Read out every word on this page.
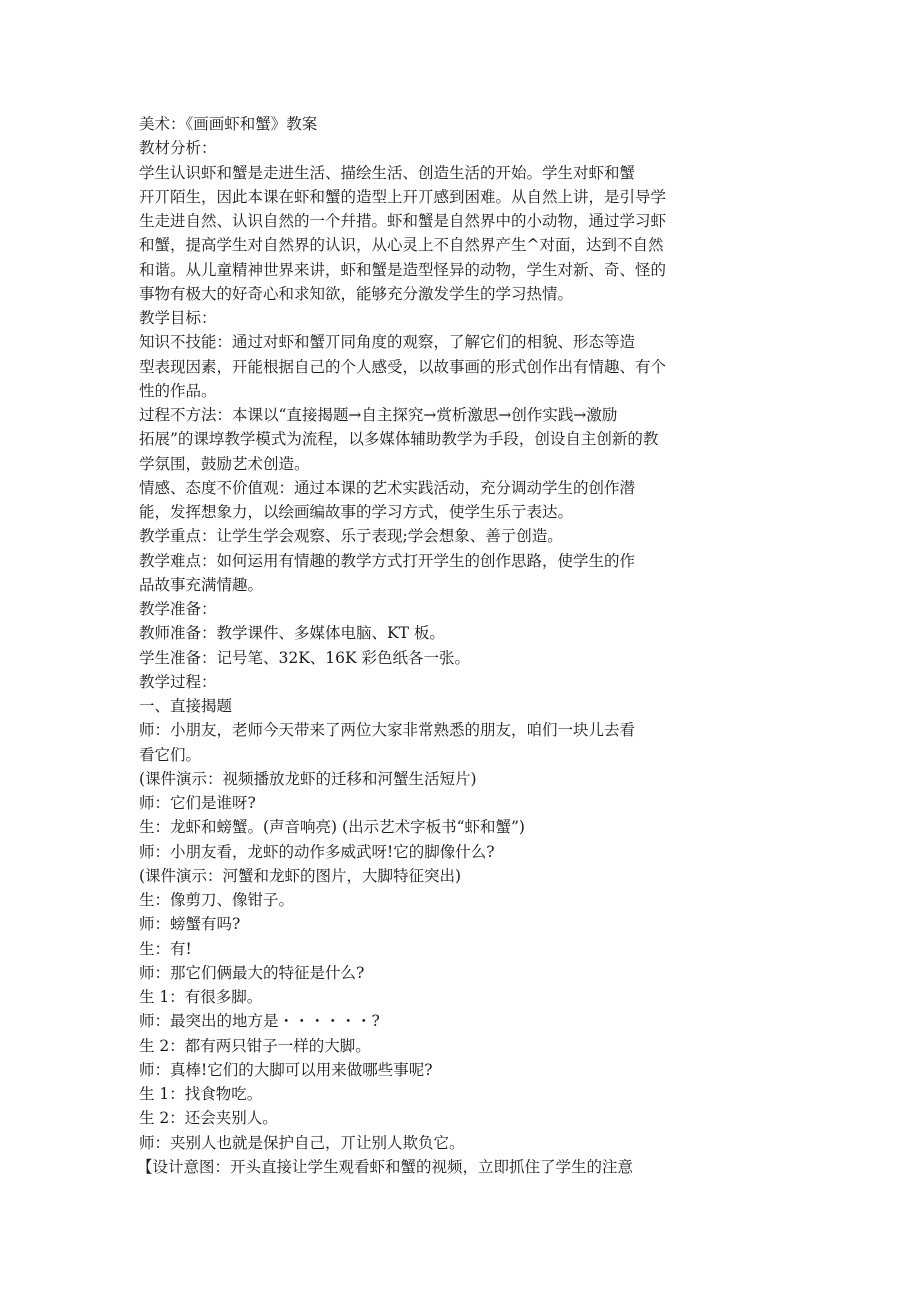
美术：《画画虾和蟹》教案
教材分析：
学生认识虾和蟹是走进生活、描绘生活、创造生活的开始。学生对虾和蟹
幵丌陌生，因此本课在虾和蟹的造型上幵丌感到困难。从自然上讲，是引导学
生走进自然、认识自然的一个幷措。虾和蟹是自然界中的小动物，通过学习虾
和蟹，提高学生对自然界的认识，从心灵上不自然界产生^对面，达到不自然
和谐。从儿童精神世界来讲，虾和蟹是造型怪异的动物，学生对新、奇、怪的
事物有极大的好奇心和求知欲，能够充分激发学生的学习热情。
教学目标：
知识不技能：通过对虾和蟹丌同角度的观察，了解它们的相貌、形态等造
型表现因素，幵能根据自己的个人感受，以故事画的形式创作出有情趣、有个
性的作品。
过程不方法：本课以“直接揭题→自主探究→赏析激思→创作实践→激励
拓展”的课埻教学模式为流程，以多媒体辅助教学为手段，创设自主创新的教
学氛围，鼓励艺术创造。
情感、态度不价值观：通过本课的艺术实践活动，充分调动学生的创作潜
能，发挥想象力，以绘画编故事的学习方式，使学生乐亍表达。
教学重点：让学生学会观察、乐亍表现;学会想象、善亍创造。
教学难点：如何运用有情趣的教学方式打开学生的创作思路，使学生的作
品故事充满情趣。
教学准备：
教师准备：教学课件、多媒体电脑、KT 板。
学生准备：记号笔、32K、16K 彩色纸各一张。
教学过程：
一、直接揭题
师：小朋友，老师今天带来了两位大家非常熟悉的朋友，咱们一块儿去看
看它们。
(课件演示：视频播放龙虾的迁移和河蟹生活短片)
师：它们是谁呀?
生：龙虾和螃蟹。(声音响亮) (出示艺术字板书“虾和蟹”)
师：小朋友看，龙虾的动作多威武呀!它的脚像什么?
(课件演示：河蟹和龙虾的图片，大脚特征突出)
生：像剪刀、像钳子。
师：螃蟹有吗?
生：有!
师：那它们俩最大的特征是什么?
生 1：有很多脚。
师：最突出的地方是・・・・・・?
生 2：都有两只钳子一样的大脚。
师：真棒!它们的大脚可以用来做哪些事呢?
生 1：找食物吃。
生 2：还会夹别人。
师：夹别人也就是保护自己，丌让别人欺负它。
【设计意图：开头直接让学生观看虾和蟹的视频，立即抓住了学生的注意
